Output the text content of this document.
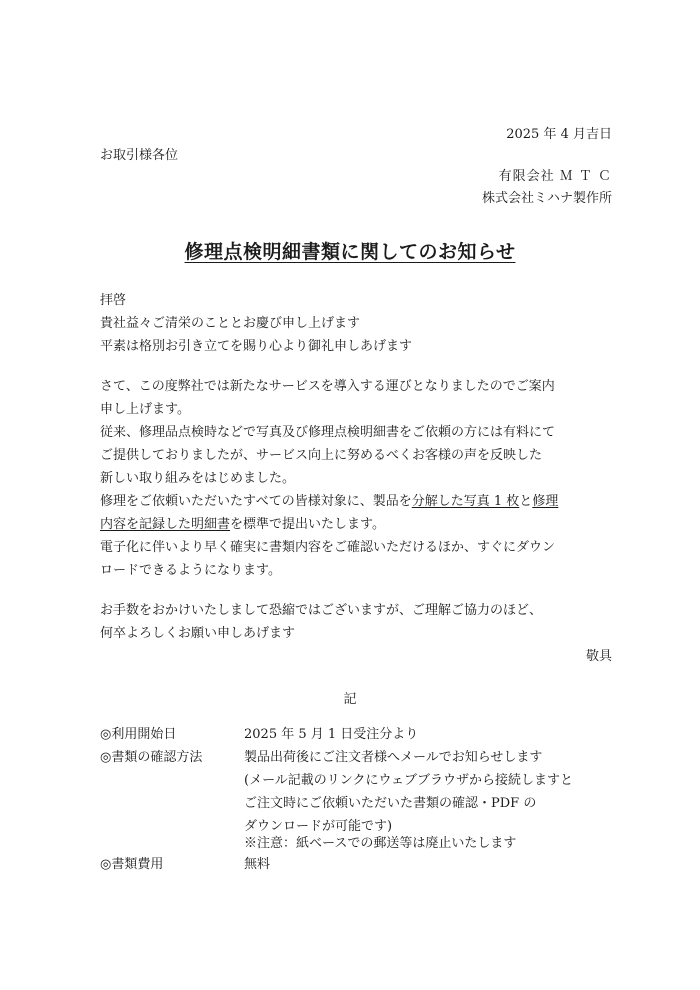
2025 年 4 月吉日
お取引様各位
有限会社 Ｍ Ｔ Ｃ
株式会社ミハナ製作所
修理点検明細書類に関してのお知らせ
拝啓
貴社益々ご清栄のこととお慶び申し上げます
平素は格別お引き立てを賜り心より御礼申しあげます
さて、この度弊社では新たなサービスを導入する運びとなりましたのでご案内
申し上げます。
従来、修理品点検時などで写真及び修理点検明細書をご依頼の方には有料にて
ご提供しておりましたが、サービス向上に努めるべくお客様の声を反映した
新しい取り組みをはじめました。
修理をご依頼いただいたすべての皆様対象に、製品を分解した写真 1 枚と修理
内容を記録した明細書を標準で提出いたします。
電子化に伴いより早く確実に書類内容をご確認いただけるほか、すぐにダウン
ロードできるようになります。
お手数をおかけいたしまして恐縮ではございますが、ご理解ご協力のほど、
何卒よろしくお願い申しあげます
敬具
記
◎利用開始日	2025 年 5 月 1 日受注分より
◎書類の確認方法	製品出荷後にご注文者様へメールでお知らせします
(メール記載のリンクにウェブブラウザから接続しますと
ご注文時にご依頼いただいた書類の確認・PDF の
ダウンロードが可能です)
※注意：紙ベースでの郵送等は廃止いたします
◎書類費用	無料
